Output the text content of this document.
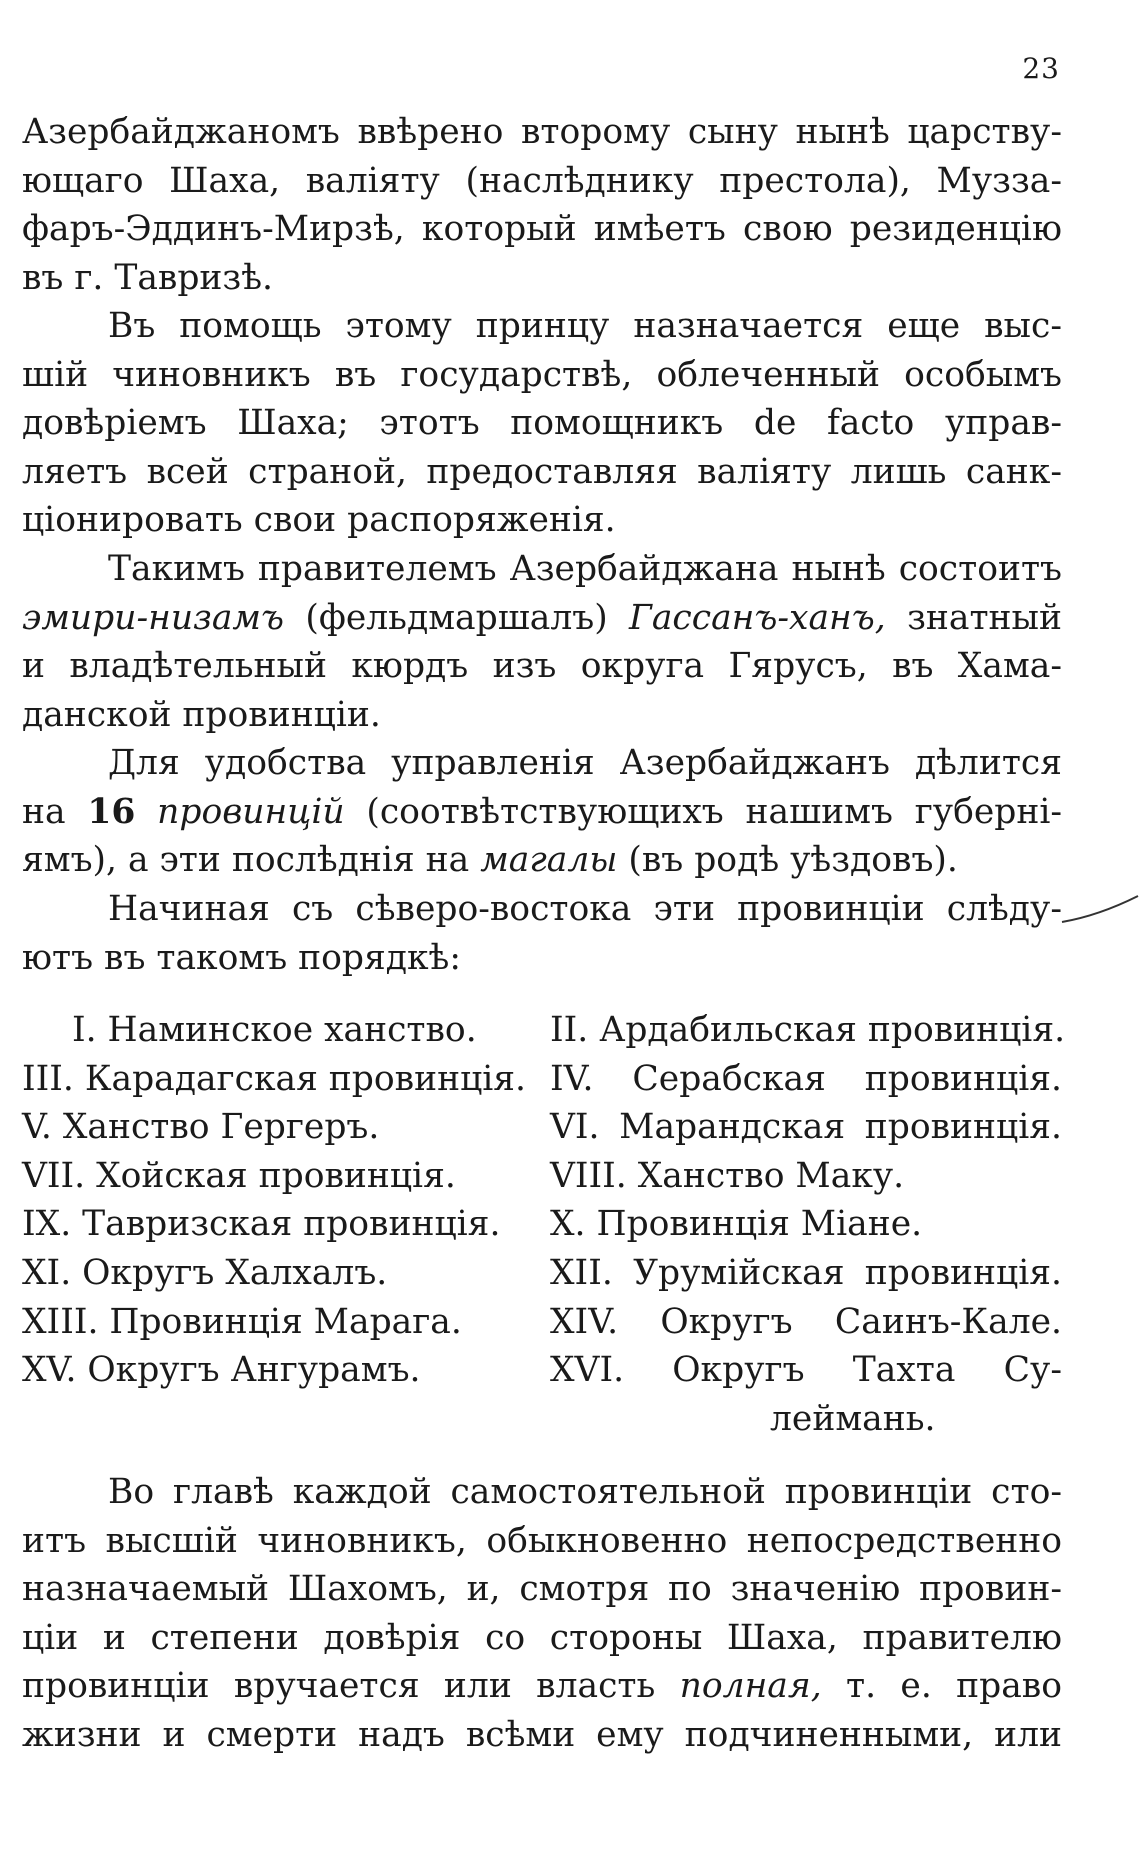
23

Азербайджаномъ ввѣрено второму сыну нынѣ царству-

ющаго Шаха, валіяту (наслѣднику престола), Музза-

фаръ-Эддинъ-Мирзѣ, который имѣетъ свою резиденцію

въ г. Тавризѣ.

Въ помощь этому принцу назначается еще выс-

шій чиновникъ въ государствѣ, облеченный особымъ

довѣріемъ Шаха; этотъ помощникъ de facto управ-

ляетъ всей страной, предоставляя валіяту лишь санк-

ціонировать свои распоряженія.

Такимъ правителемъ Азербайджана нынѣ состоитъ

эмири-низамъ (фельдмаршалъ) Гассанъ-ханъ, знатный

и владѣтельный кюрдъ изъ округа Гярусъ, въ Хама-

данской провинціи.

Для удобства управленія Азербайджанъ дѣлится

на 16 провинцій (соотвѣтствующихъ нашимъ губерні-

ямъ), а эти послѣднія на магалы (въ родѣ уѣздовъ).

Начиная съ сѣверо-востока эти провинціи слѣду-

ютъ въ такомъ порядкѣ:

I. Наминское ханство.	II. Ардабильская провинція.
III. Карадагская провинція.	IV. Серабская провинція.
V. Ханство Гергеръ.	VI. Марандская провинція.
VII. Хойская провинція.	VIII. Ханство Маку.
IX. Тавризская провинція.	X. Провинція Міане.
XI. Округъ Халхалъ.	XII. Урумійская провинція.
XIII. Провинція Марага.	XIV. Округъ Саинъ-Кале.
XV. Округъ Ангурамъ.	XVI. Округъ Тахта Су-
	леймань.

Во главѣ каждой самостоятельной провинціи сто-

итъ высшій чиновникъ, обыкновенно непосредственно

назначаемый Шахомъ, и, смотря по значенію провин-

ціи и степени довѣрія со стороны Шаха, правителю

провинціи вручается или власть полная, т. е. право

жизни и смерти надъ всѣми ему подчиненными, или
